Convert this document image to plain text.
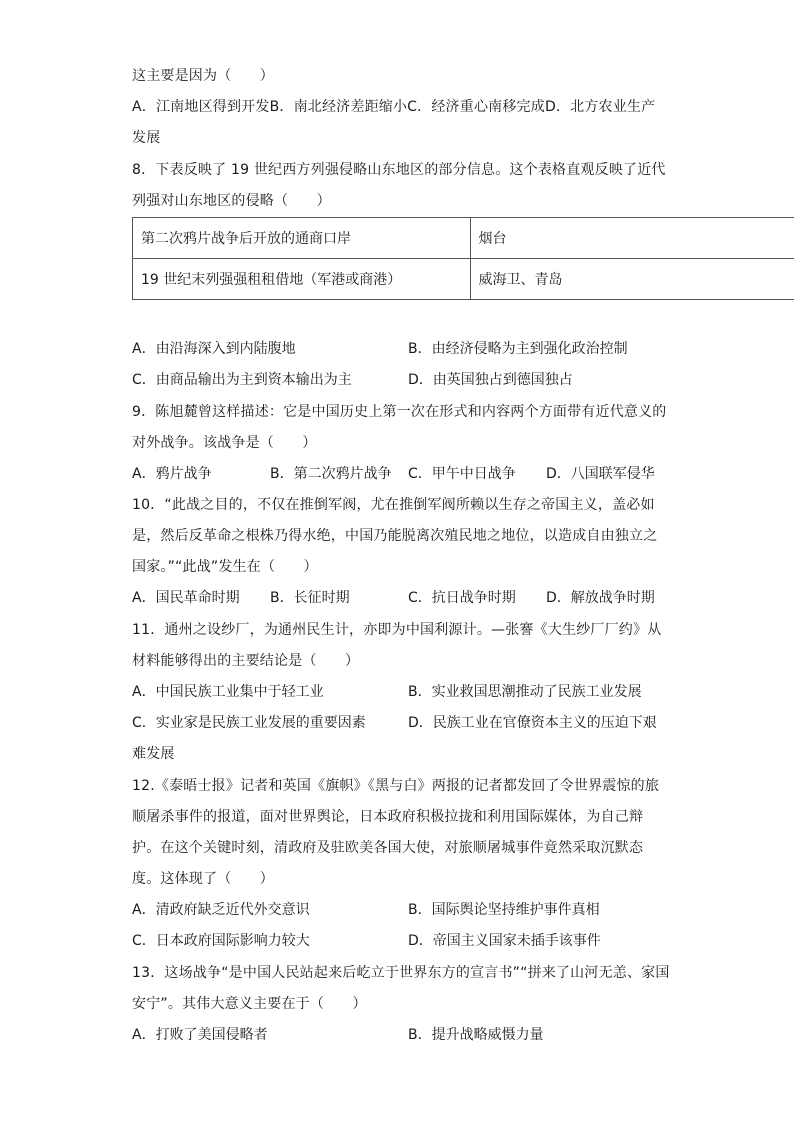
这主要是因为（　　）
A．江南地区得到开发B．南北经济差距缩小C．经济重心南移完成D．北方农业生产
发展
8．下表反映了 19 世纪西方列强侵略山东地区的部分信息。这个表格直观反映了近代
列强对山东地区的侵略（　　）
第二次鸦片战争后开放的通商口岸	烟台
19 世纪末列强强租租借地（军港或商港）	威海卫、青岛
A．由沿海深入到内陆腹地	B．由经济侵略为主到强化政治控制
C．由商品输出为主到资本输出为主	D．由英国独占到德国独占
9．陈旭麓曾这样描述：它是中国历史上第一次在形式和内容两个方面带有近代意义的
对外战争。该战争是（　　）
A．鸦片战争	B．第二次鸦片战争 C．甲午中日战争 D．八国联军侵华
10．“此战之目的，不仅在推倒军阀，尤在推倒军阀所赖以生存之帝国主义，盖必如
是，然后反革命之根株乃得水绝，中国乃能脱离次殖民地之地位，以造成自由独立之
国家。”“此战”发生在（　　）
A．国民革命时期 B．长征时期	C．抗日战争时期 D．解放战争时期
11．通州之设纱厂，为通州民生计，亦即为中国利源计。—张謇《大生纱厂厂约》从
材料能够得出的主要结论是（　　）
A．中国民族工业集中于轻工业	B．实业救国思潮推动了民族工业发展
C．实业家是民族工业发展的重要因素	D．民族工业在官僚资本主义的压迫下艰
难发展
12.《泰晤士报》记者和英国《旗帜》《黑与白》两报的记者都发回了令世界震惊的旅
顺屠杀事件的报道，面对世界舆论，日本政府积极拉拢和利用国际媒体，为自己辩
护。在这个关键时刻，清政府及驻欧美各国大使，对旅顺屠城事件竟然采取沉默态
度。这体现了（　　）
A．清政府缺乏近代外交意识	B．国际舆论坚持维护事件真相
C．日本政府国际影响力较大	D．帝国主义国家未插手该事件
13．这场战争“是中国人民站起来后屹立于世界东方的宣言书”“拼来了山河无恙、家国
安宁”。其伟大意义主要在于（　　）
A．打败了美国侵略者	B．提升战略威慑力量
